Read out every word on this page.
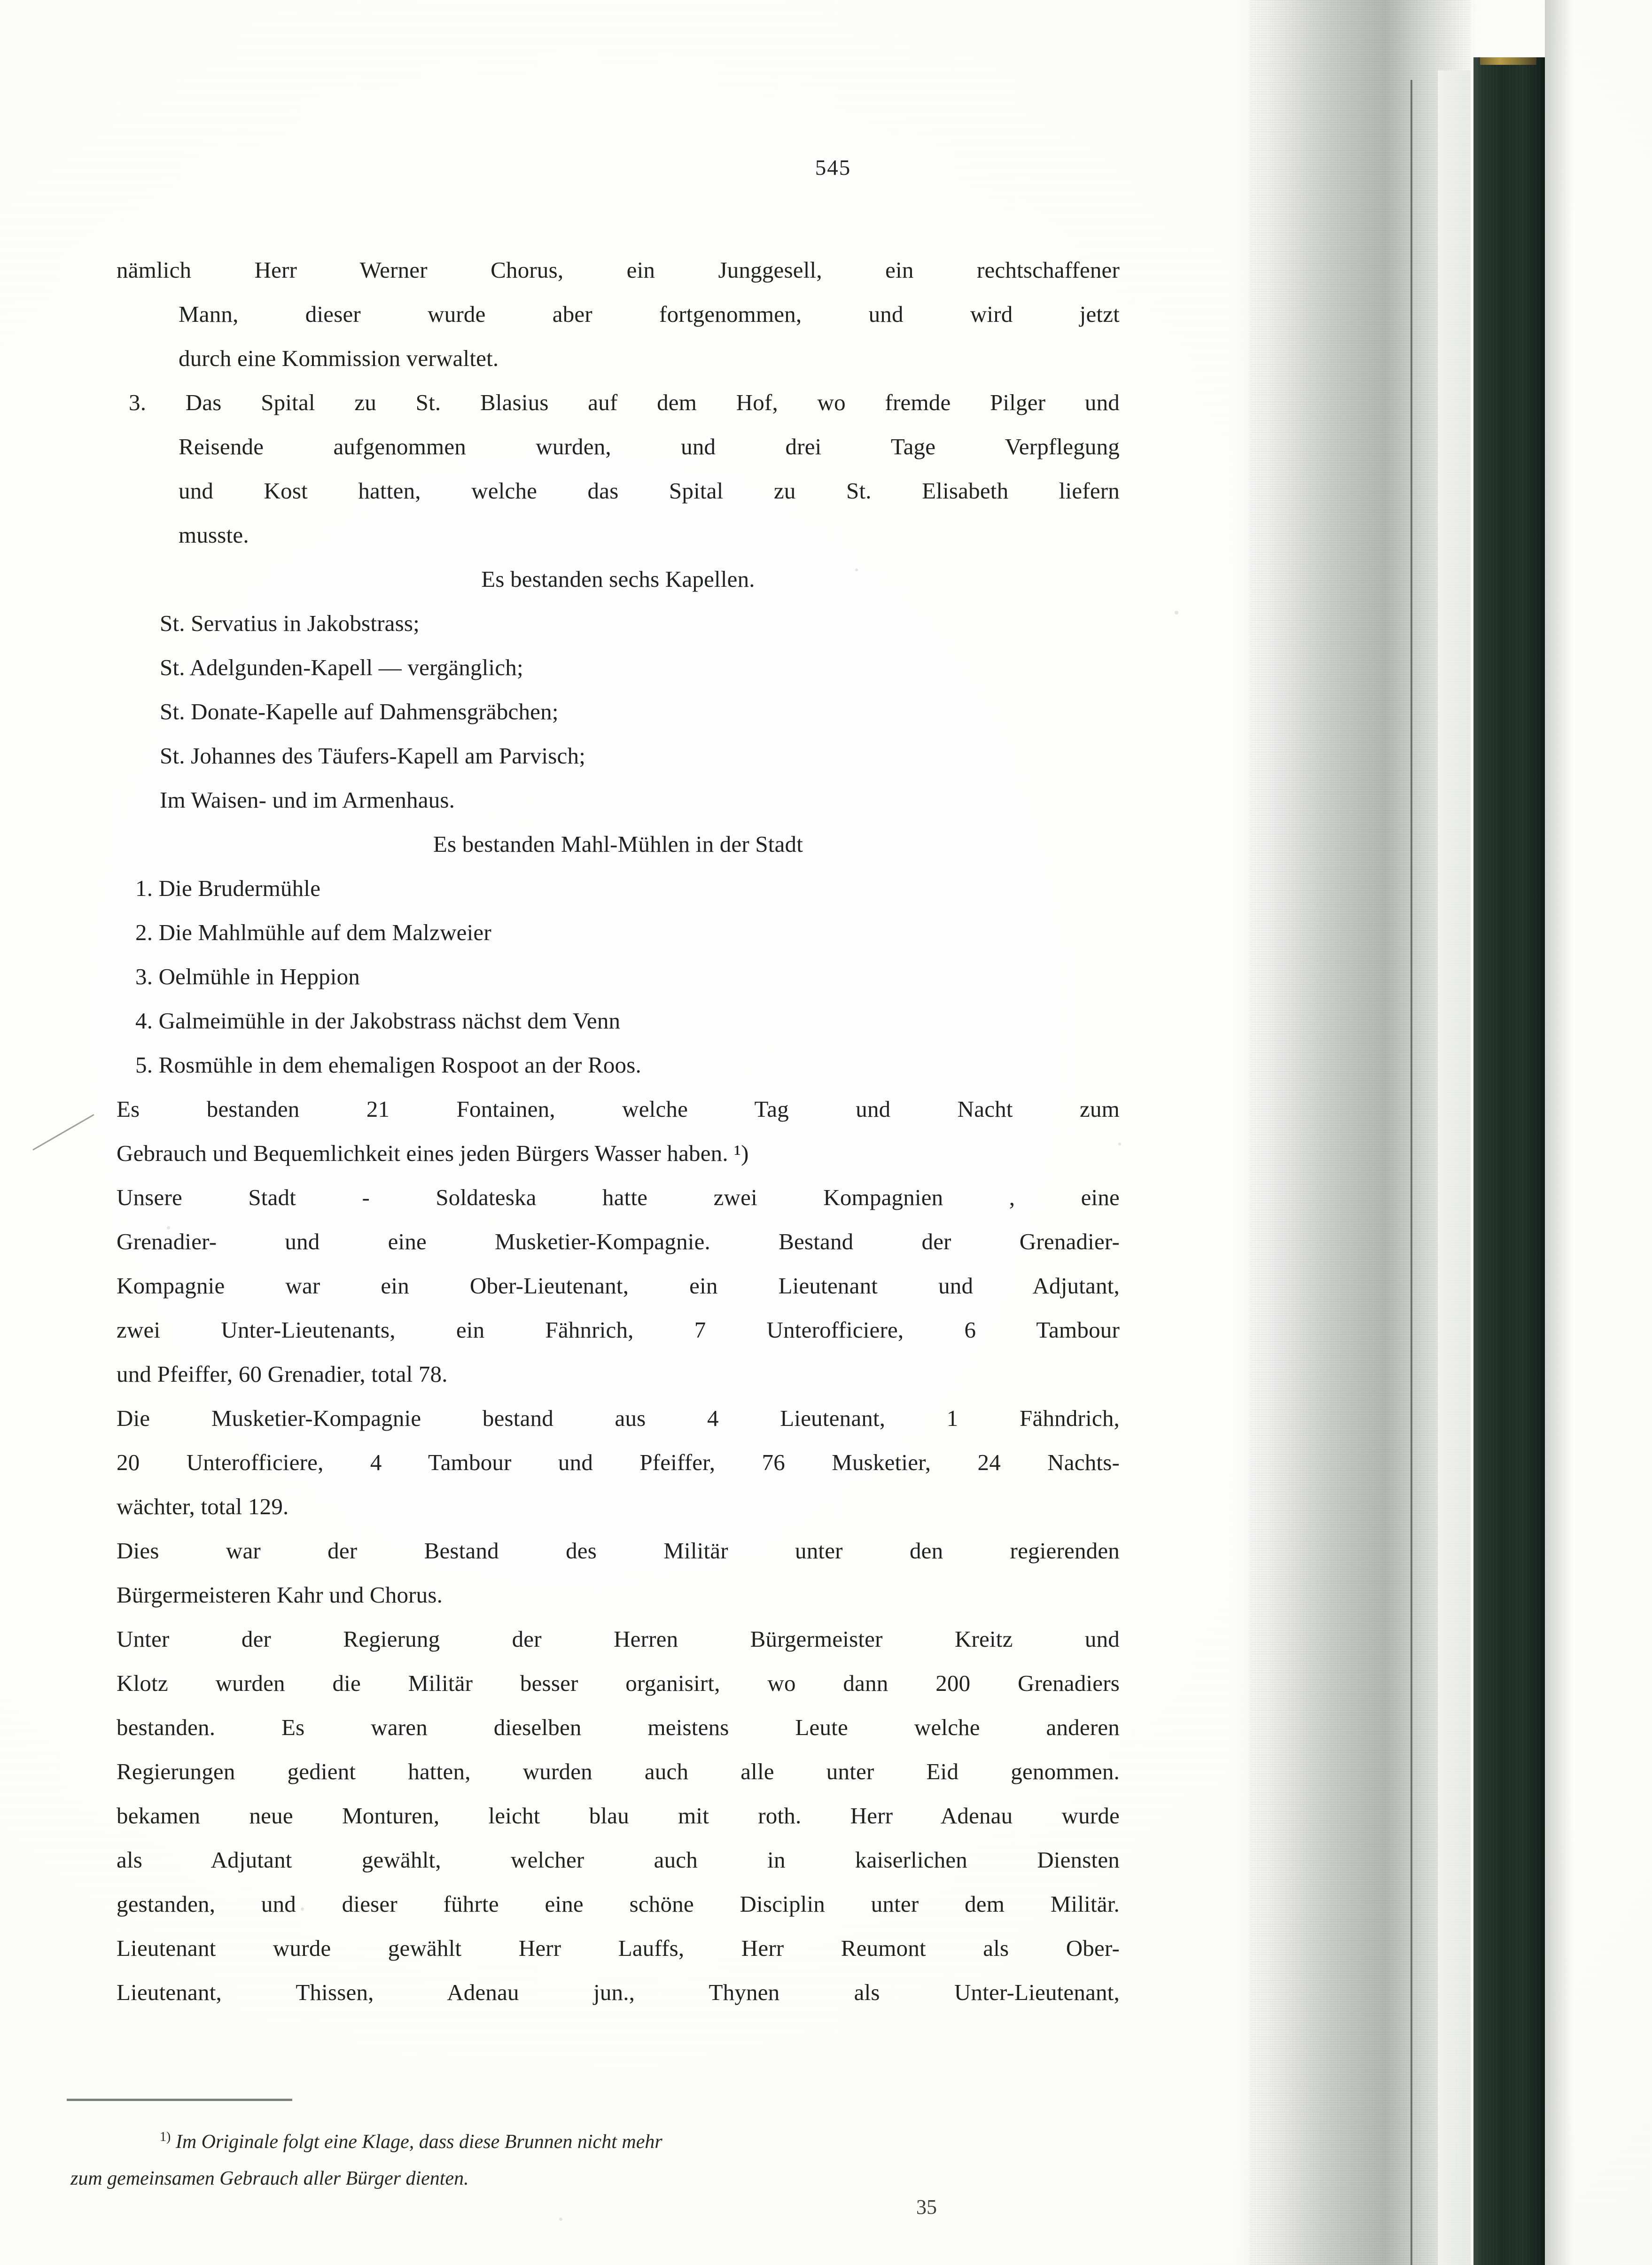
545
nämlich Herr Werner Chorus, ein Junggesell, ein rechtschaffener
Mann, dieser wurde aber fortgenommen, und wird jetzt
durch eine Kommission verwaltet.
3. Das Spital zu St. Blasius auf dem Hof, wo fremde Pilger und
Reisende aufgenommen wurden, und drei Tage Verpflegung
und Kost hatten, welche das Spital zu St. Elisabeth liefern
musste.
Es bestanden sechs Kapellen.
St. Servatius in Jakobstrass;
St. Adelgunden-Kapell — vergänglich;
St. Donate-Kapelle auf Dahmensgräbchen;
St. Johannes des Täufers-Kapell am Parvisch;
Im Waisen- und im Armenhaus.
Es bestanden Mahl-Mühlen in der Stadt
1. Die Brudermühle
2. Die Mahlmühle auf dem Malzweier
3. Oelmühle in Heppion
4. Galmeimühle in der Jakobstrass nächst dem Venn
5. Rosmühle in dem ehemaligen Rospoot an der Roos.
Es bestanden 21 Fontainen, welche Tag und Nacht zum
Gebrauch und Bequemlichkeit eines jeden Bürgers Wasser haben. ¹)
Unsere Stadt - Soldateska hatte zwei Kompagnien , eine
Grenadier- und eine Musketier-Kompagnie. Bestand der Grenadier-
Kompagnie war ein Ober-Lieutenant, ein Lieutenant und Adjutant,
zwei Unter-Lieutenants, ein Fähnrich, 7 Unterofficiere, 6 Tambour
und Pfeiffer, 60 Grenadier, total 78.
Die Musketier-Kompagnie bestand aus 4 Lieutenant, 1 Fähndrich,
20 Unterofficiere, 4 Tambour und Pfeiffer, 76 Musketier, 24 Nachts-
wächter, total 129.
Dies war der Bestand des Militär unter den regierenden
Bürgermeisteren Kahr und Chorus.
Unter der Regierung der Herren Bürgermeister Kreitz und
Klotz wurden die Militär besser organisirt, wo dann 200 Grenadiers
bestanden. Es waren dieselben meistens Leute welche anderen
Regierungen gedient hatten, wurden auch alle unter Eid genommen.
bekamen neue Monturen, leicht blau mit roth. Herr Adenau wurde
als Adjutant gewählt, welcher auch in kaiserlichen Diensten
gestanden, und dieser führte eine schöne Disciplin unter dem Militär.
Lieutenant wurde gewählt Herr Lauffs, Herr Reumont als Ober-
Lieutenant, Thissen, Adenau jun., Thynen als Unter-Lieutenant,
$^{1)}$ Im Originale folgt eine Klage, dass diese Brunnen nicht mehr
zum gemeinsamen Gebrauch aller Bürger dienten.
35
